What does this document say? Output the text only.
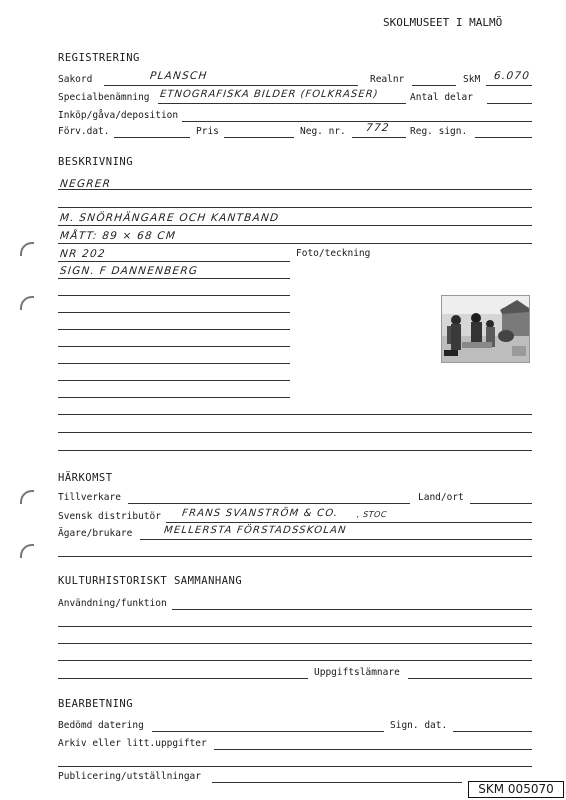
SKOLMUSEET I MALMÖ
REGISTRERING
Sakord	PLANSCH	Realnr	SkM 6.070
Specialbenämning ETNOGRAFISKA BILDER (FOLKRASER)	Antal delar
Inköp/gåva/deposition
Förv.dat.	Pris	Neg. nr. 772 Reg. sign.
BESKRIVNING
NEGRER
M. SNÖRHÄNGARE OCH KANTBAND
MÅTT: 89 × 68 CM
NR 202	Foto/teckning
SIGN. F DANNENBERG
HÄRKOMST
Tillverkare	Land/ort
Svensk distributör FRANS SVANSTRÖM & CO. , STOC
Ägare/brukare	MELLERSTA FÖRSTADSSKOLAN
KULTURHISTORISKT SAMMANHANG
Användning/funktion
Uppgiftslämnare
BEARBETNING
Bedömd datering	Sign. dat.
Arkiv eller litt.uppgifter
Publicering/utställningar
SKM 005070
